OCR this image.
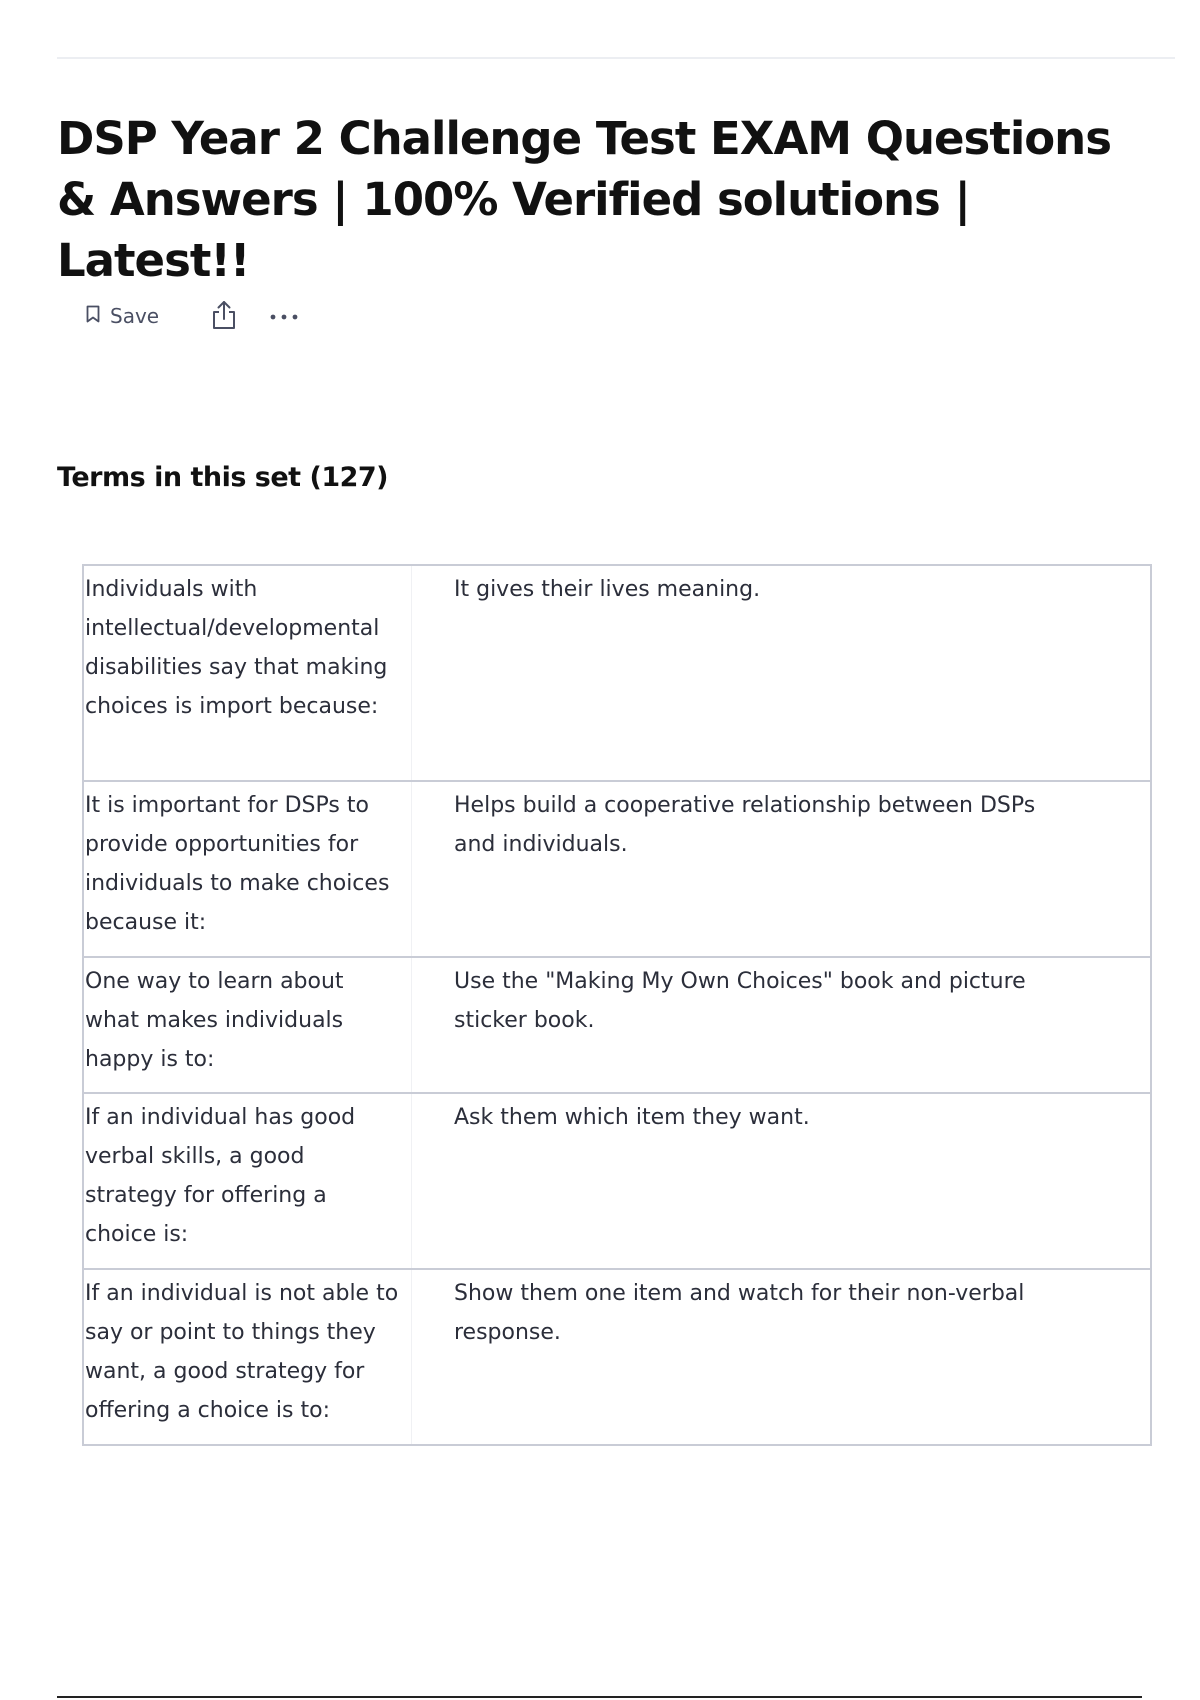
DSP Year 2 Challenge Test EXAM Questions & Answers | 100% Verified solutions | Latest!!
Save
Terms in this set (127)
Individuals with intellectual/developmental disabilities say that making choices is import because:	It gives their lives meaning.
It is important for DSPs to provide opportunities for individuals to make choices because it:	Helps build a cooperative relationship between DSPs and individuals.
One way to learn about what makes individuals happy is to:	Use the "Making My Own Choices" book and picture sticker book.
If an individual has good verbal skills, a good strategy for offering a choice is:	Ask them which item they want.
If an individual is not able to say or point to things they want, a good strategy for offering a choice is to:	Show them one item and watch for their non-verbal response.
